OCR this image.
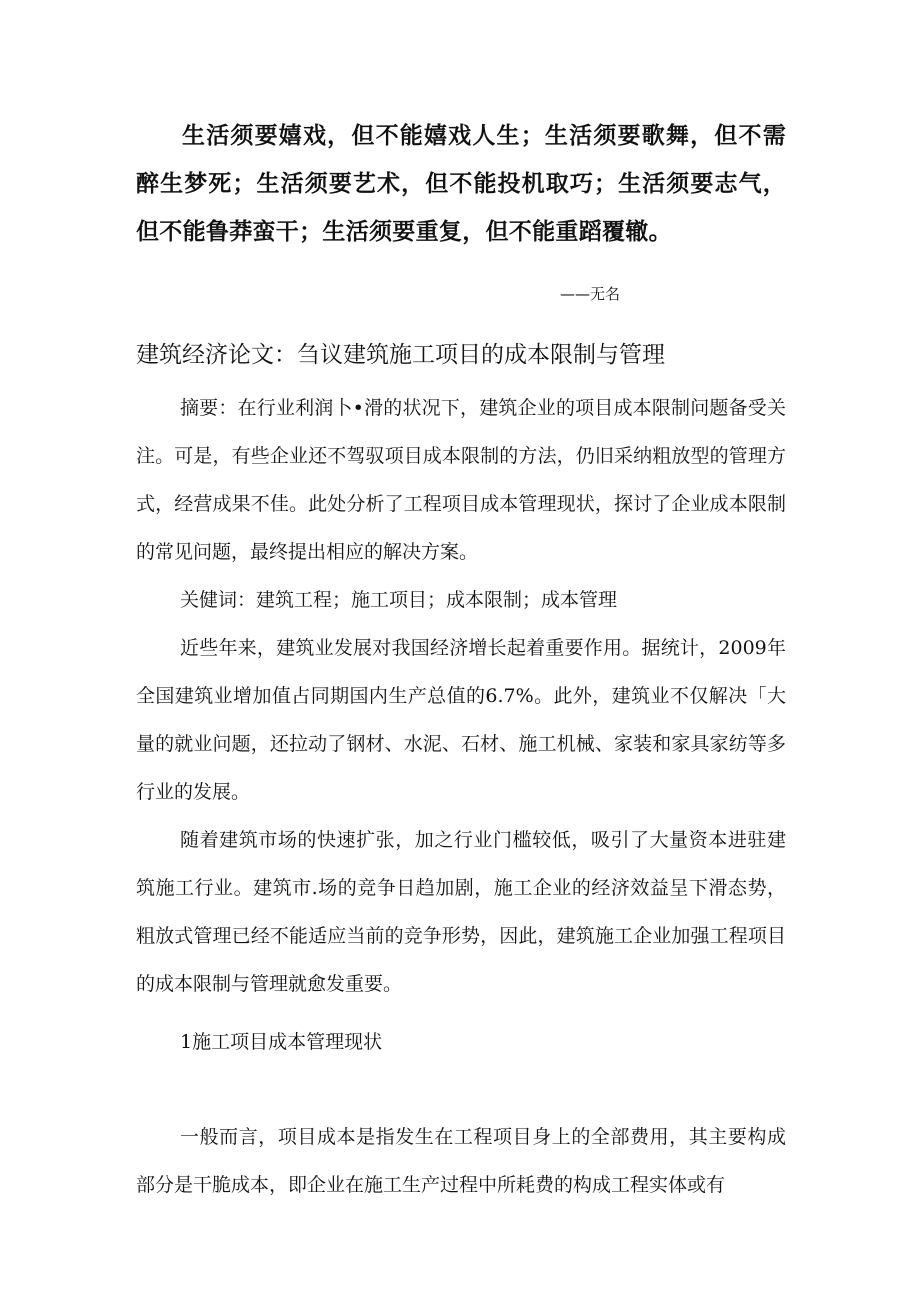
生活须要嬉戏，但不能嬉戏人生；生活须要歌舞，但不需醉生梦死；生活须要艺术，但不能投机取巧；生活须要志气，但不能鲁莽蛮干；生活须要重复，但不能重蹈覆辙。

——无名
建筑经济论文：刍议建筑施工项目的成本限制与管理

摘要：在行业利润卜•滑的状况下，建筑企业的项目成本限制问题备受关注。可是，有些企业还不驾驭项目成本限制的方法，仍旧采纳粗放型的管理方式，经营成果不佳。此处分析了工程项目成本管理现状，探讨了企业成本限制的常见问题，最终提出相应的解决方案。

关健词：建筑工程；施工项目；成本限制；成本管理

近些年来，建筑业发展对我国经济增长起着重要作用。据统计，2009年全国建筑业增加值占同期国内生产总值的6.7%。此外，建筑业不仅解决「大量的就业问题，还拉动了钢材、水泥、石材、施工机械、家装和家具家纺等多行业的发展。

随着建筑市场的快速扩张，加之行业门槛较低，吸引了大量资本进驻建筑施工行业。建筑市.场的竞争日趋加剧，施工企业的经济效益呈下滑态势，粗放式管理已经不能适应当前的竞争形势，因此，建筑施工企业加强工程项目的成本限制与管理就愈发重要。

1施工项目成本管理现状

一般而言，项目成本是指发生在工程项目身上的全部费用，其主要构成部分是干脆成本，即企业在施工生产过程中所耗费的构成工程实体或有
